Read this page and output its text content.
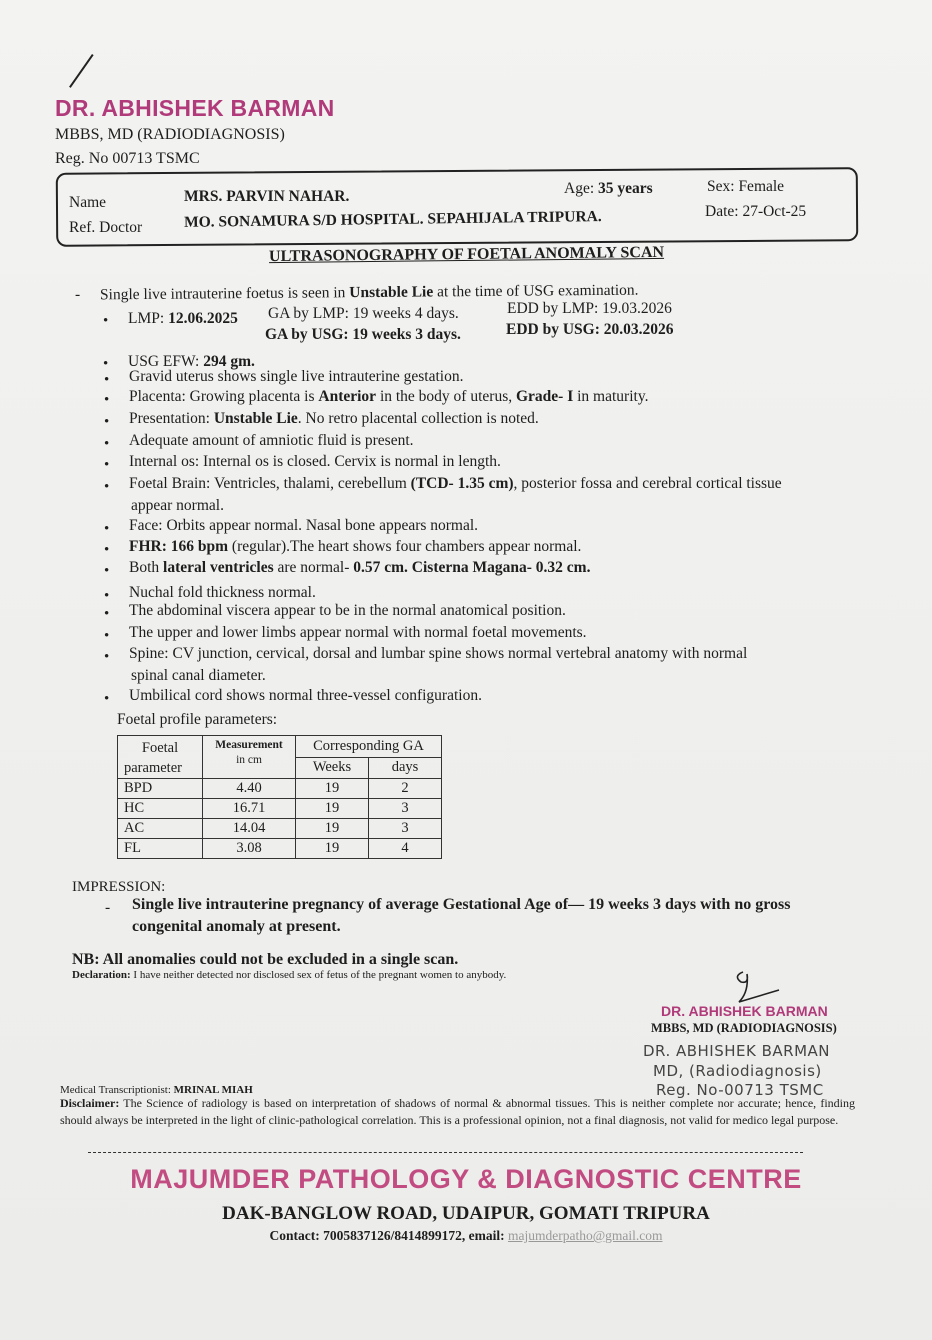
DR. ABHISHEK BARMAN
MBBS, MD (RADIODIAGNOSIS)
Reg. No 00713 TSMC
Name	MRS. PARVIN NAHAR.
Ref. Doctor	MO. SONAMURA S/D HOSPITAL. SEPAHIJALA TRIPURA.
Age: 35 years	Sex: Female
Date: 27-Oct-25
ULTRASONOGRAPHY OF FOETAL ANOMALY SCAN
- Single live intrauterine foetus is seen in Unstable Lie at the time of USG examination.
• LMP: 12.06.2025 GA by LMP: 19 weeks 4 days.
GA by USG: 19 weeks 3 days.
EDD by LMP: 19.03.2026
EDD by USG: 20.03.2026
• USG EFW: 294 gm.
• Gravid uterus shows single live intrauterine gestation.
• Placenta: Growing placenta is Anterior in the body of uterus, Grade- I in maturity.
• Presentation: Unstable Lie. No retro placental collection is noted.
• Adequate amount of amniotic fluid is present.
• Internal os: Internal os is closed. Cervix is normal in length.
• Foetal Brain: Ventricles, thalami, cerebellum (TCD- 1.35 cm), posterior fossa and cerebral cortical tissue
appear normal.
• Face: Orbits appear normal. Nasal bone appears normal.
• FHR: 166 bpm (regular).The heart shows four chambers appear normal.
• Both lateral ventricles are normal- 0.57 cm. Cisterna Magana- 0.32 cm.
• Nuchal fold thickness normal.
• The abdominal viscera appear to be in the normal anatomical position.
• The upper and lower limbs appear normal with normal foetal movements.
• Spine: CV junction, cervical, dorsal and lumbar spine shows normal vertebral anatomy with normal
spinal canal diameter.
• Umbilical cord shows normal three-vessel configuration.
Foetal profile parameters:
Foetal
parameter

Measurement
in cm
	Corresponding GA
		Weeks	days
BPD	4.40	19	2
HC	16.71	19	3
AC	14.04	19	3
FL	3.08	19	4
IMPRESSION:
- Single live intrauterine pregnancy of average Gestational Age of— 19 weeks 3 days with no gross congenital anomaly at present.
NB: All anomalies could not be excluded in a single scan.
Declaration: I have neither detected nor disclosed sex of fetus of the pregnant women to anybody.
DR. ABHISHEK BARMAN
MBBS, MD (RADIODIAGNOSIS)
DR. ABHISHEK BARMAN
MD, (Radiodiagnosis)
Reg. No-00713 TSMC
Medical Transcriptionist: MRINAL MIAH
Disclaimer: The Science of radiology is based on interpretation of shadows of normal & abnormal tissues. This is neither complete nor accurate; hence, finding should always be interpreted in the light of clinic-pathological correlation. This is a professional opinion, not a final diagnosis, not valid for medico legal purpose.
MAJUMDER PATHOLOGY & DIAGNOSTIC CENTRE
DAK-BANGLOW ROAD, UDAIPUR, GOMATI TRIPURA
Contact: 7005837126/8414899172, email: majumderpatho@gmail.com
